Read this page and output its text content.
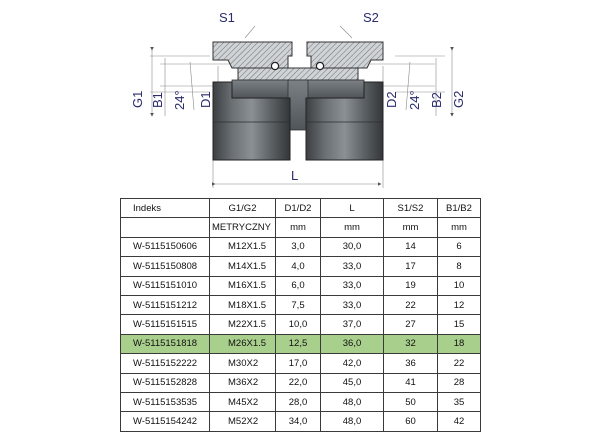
S1	S2
G1 B1 24° D1	D2 24° B2 G2
L
Indeks	G1/G2	D1/D2	L	S1/S2	B1/B2
	METRYCZNY	mm	mm	mm	mm
W-5115150606	M12X1.5	3,0	30,0	14	6
W-5115150808	M14X1.5	4,0	33,0	17	8
W-5115151010	M16X1.5	6,0	33,0	19	10
W-5115151212	M18X1.5	7,5	33,0	22	12
W-5115151515	M22X1.5	10,0	37,0	27	15
W-5115151818	M26X1.5	12,5	36,0	32	18
W-5115152222	M30X2	17,0	42,0	36	22
W-5115152828	M36X2	22,0	45,0	41	28
W-5115153535	M45X2	28,0	48,0	50	35
W-5115154242	M52X2	34,0	48,0	60	42
